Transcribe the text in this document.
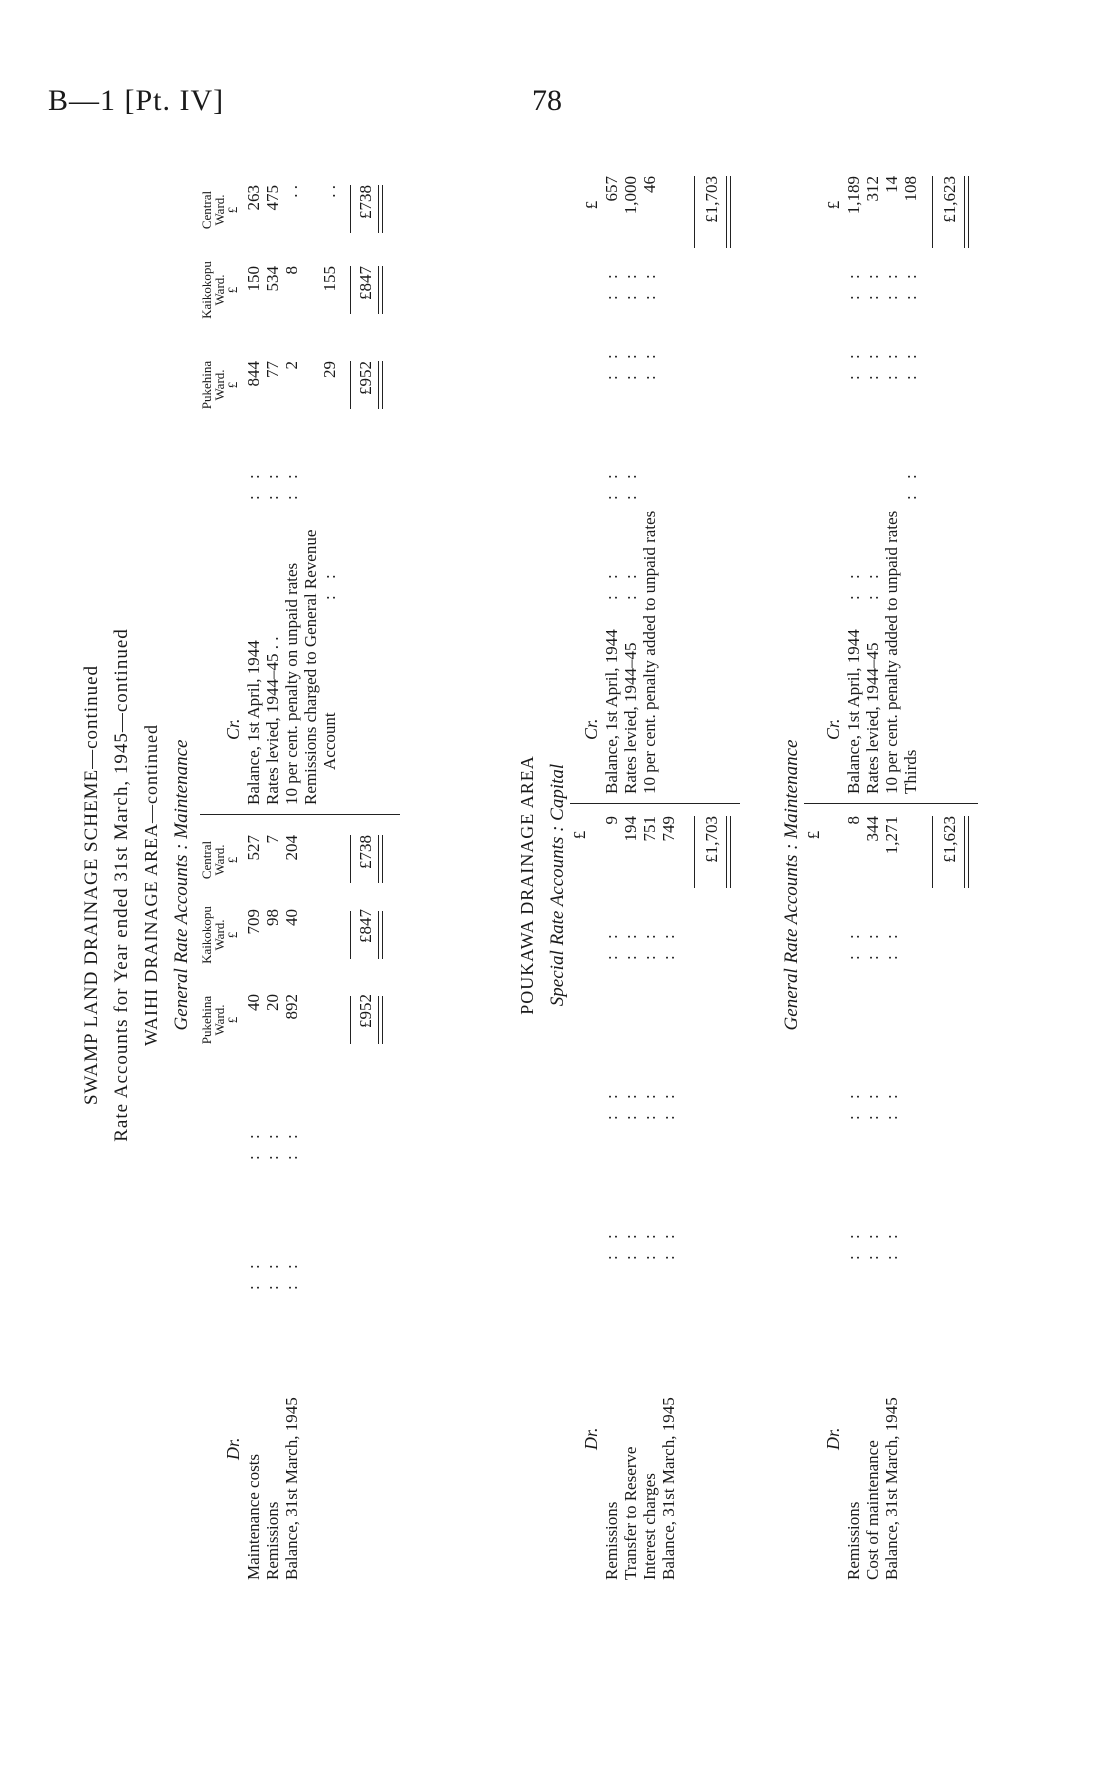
B—1 [Pt. IV]	78
SWAMP LAND DRAINAGE SCHEME—continued Rate Accounts for Year ended 31st March, 1945—continued WAIHI DRAINAGE AREA—continued General Rate Accounts : Maintenance Pukehina Ward.
£
Kaikokopu Ward.
£
Central Ward.
£
Dr.
Maintenance costs Remissions Balance, 31st March, 1945
: : : : : :
: : : : : :
40 20 892
709 98 40
527 7 204
£952
£847
£738
Cr. Balance, 1st April, 1944 Rates levied, 1944–45 . . 10 per cent. penalty on unpaid rates Remissions charged to General Revenue Account
: : : : : :
: :
Pukehina Ward.
£
Kaikokopu Ward.
£
Central Ward.
£
844 77 2 29
150 534 8 155
263 475 . . . .
£952
£847
£738
POUKAWA DRAINAGE AREA Special Rate Accounts : Capital £
Dr.
Remissions Transfer to Reserve Interest charges Balance, 31st March, 1945
: : : : : : : :
: : : : : : : :
: : : : : : : :
9 194 751 749 £1,703
Cr. Balance, 1st April, 1944 Rates levied, 1944–45 10 per cent. penalty added to unpaid rates
: : : :
: : : :
: : : : : :
: : : : : :
£
657 1,000 46	£1,703
General Rate Accounts : Maintenance £
Dr.
Remissions Cost of maintenance Balance, 31st March, 1945
: : : : : :
: : : : : :
: : : : : :
8 344 1,271 £1,623
Cr. Balance, 1st April, 1944 Rates levied, 1944–45 10 per cent. penalty added to unpaid rates Thirds
: : : :
: :
: : : : : : : :
: : : : : : : :
£ 1,189 312 14 108 £1,623
